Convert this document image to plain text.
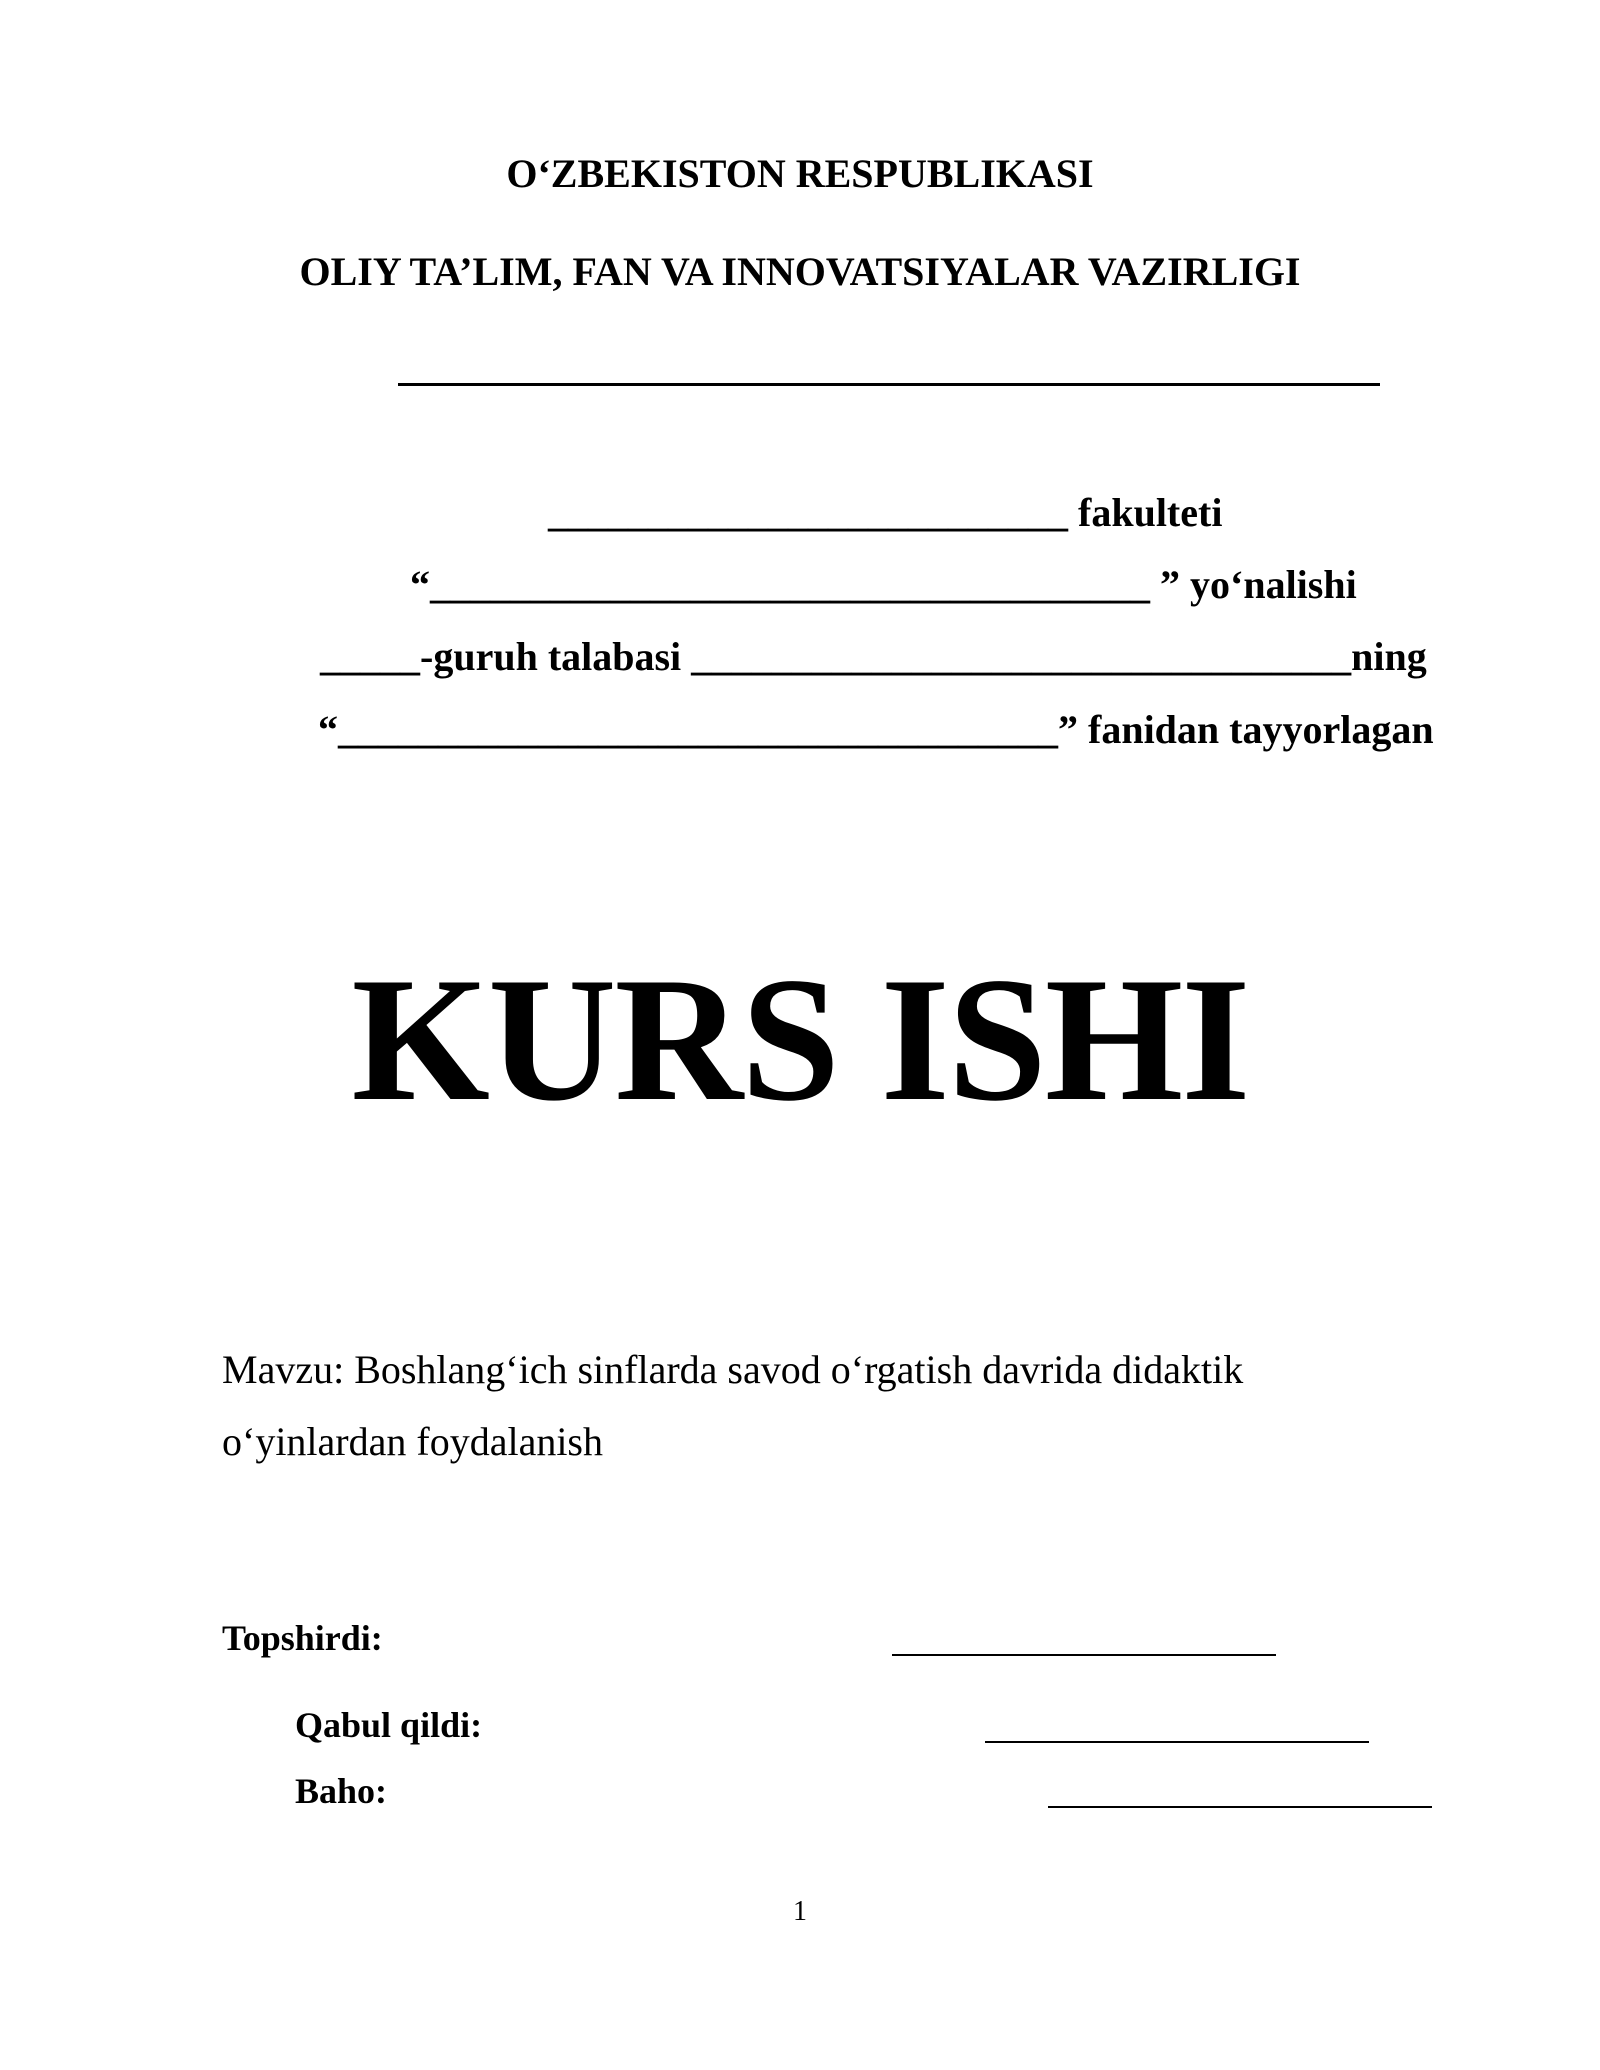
O‘ZBEKISTON RESPUBLIKASI
OLIY TA’LIM, FAN VA INNOVATSIYALAR VAZIRLIGI
__________________________ fakulteti
“____________________________________ ” yo‘nalishi
_____-guruh talabasi _________________________________ning
“____________________________________” fanidan tayyorlagan
KURS ISHI
Mavzu: Boshlang‘ich sinflarda savod o‘rgatish davrida didaktik
o‘yinlardan foydalanish
Topshirdi:
Qabul qildi:
Baho:
1
